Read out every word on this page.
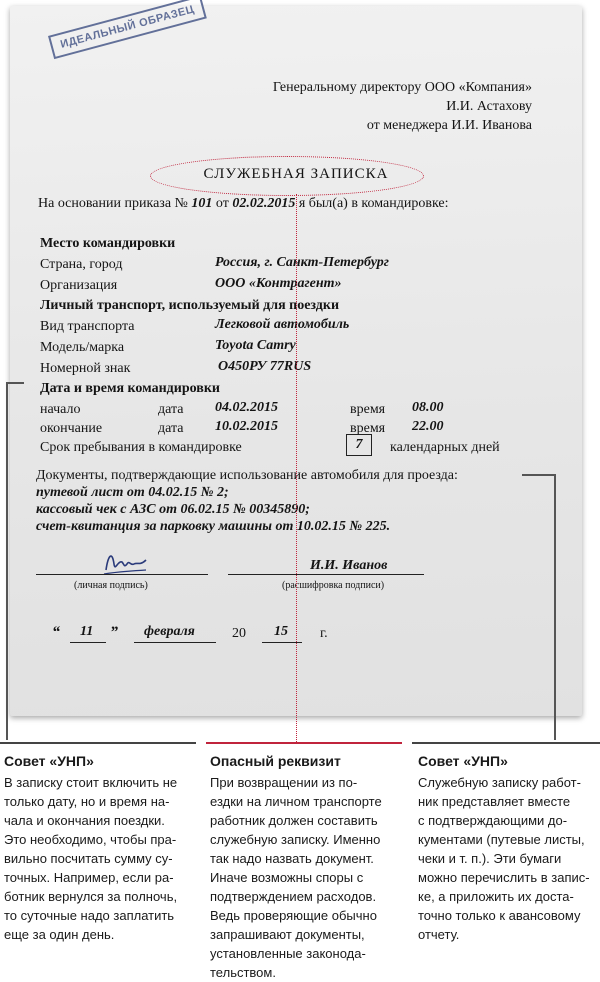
ИДЕАЛЬНЫЙ ОБРАЗЕЦ
Генеральному директору ООО «Компания»
И.И. Астахову
от менеджера И.И. Иванова
СЛУЖЕБНАЯ ЗАПИСКА
На основании приказа № 101 от 02.02.2015 я был(а) в командировке:
Место командировки
Страна, город	Россия, г. Санкт-Петербург
Организация	ООО «Контрагент»
Личный транспорт, используемый для поездки
Вид транспорта	Легковой автомобиль
Модель/марка	Toyota Camry
Номерной знак	О450РУ 77RUS
Дата и время командировки
начало	дата 04.02.2015	время 08.00
окончание	дата 10.02.2015	время 22.00
Срок пребывания в командировке	7	календарных дней
Документы, подтверждающие использование автомобиля для проезда:
путевой лист от 04.02.15 № 2;
кассовый чек с АЗС от 06.02.15 № 00345890;
счет-квитанция за парковку машины от 10.02.15 № 225.
(личная подпись)
И.И. Иванов
(расшифровка подписи)
“ 11 ” февраля	20 15 г.
Совет «УНП»

В записку стоит включить не

только дату, но и время на-

чала и окончания поездки.

Это необходимо, чтобы пра-

вильно посчитать сумму су-

точных. Например, если ра-

ботник вернулся за полночь,

то суточные надо заплатить

еще за один день.

Опасный реквизит

При возвращении из по-

ездки на личном транспорте

работник должен составить

служебную записку. Именно

так надо назвать документ.

Иначе возможны споры с

подтверждением расходов.

Ведь проверяющие обычно

запрашивают документы,

установленные законода-

тельством.

Совет «УНП»

Служебную записку работ-

ник представляет вместе

с подтверждающими до-

кументами (путевые листы,

чеки и т. п.). Эти бумаги

можно перечислить в запис-

ке, а приложить их доста-

точно только к авансовому

отчету.
